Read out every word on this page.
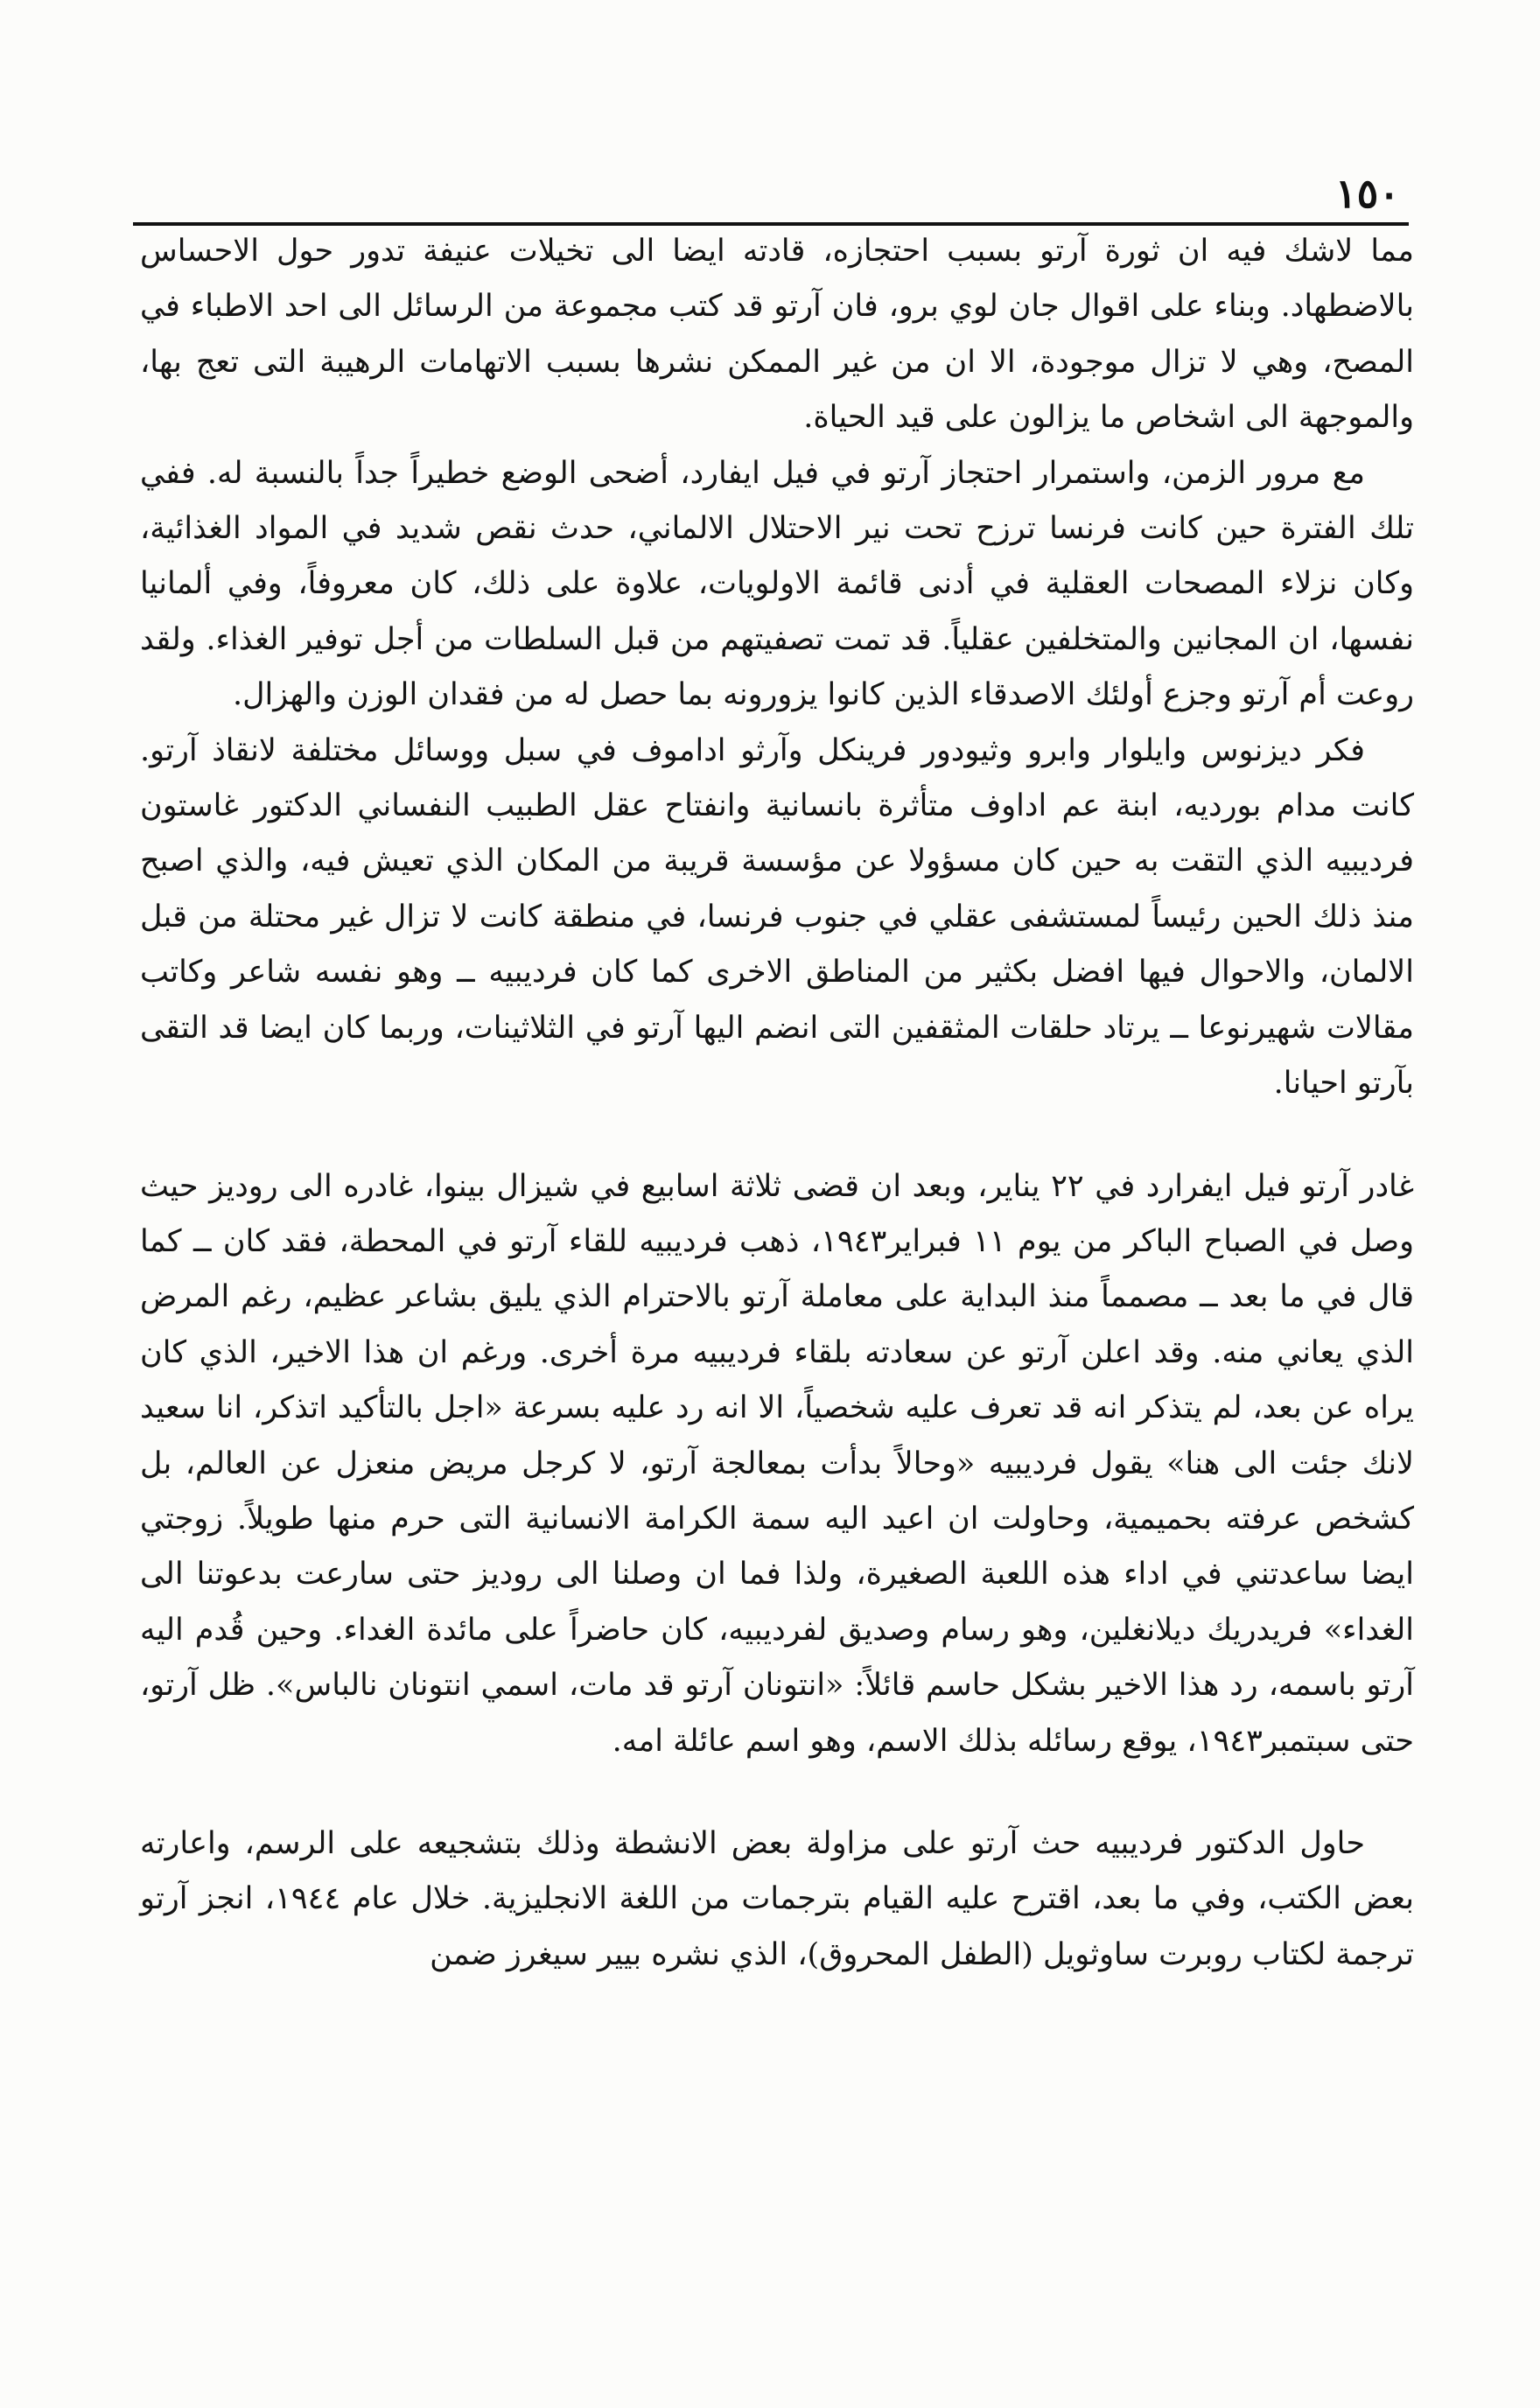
١٥٠

مما لاشك فيه ان ثورة آرتو بسبب احتجازه، قادته ايضا الى تخيلات عنيفة تدور حول الاحساس بالاضطهاد. وبناء على اقوال جان لوي برو، فان آرتو قد كتب مجموعة من الرسائل الى احد الاطباء في المصح، وهي لا تزال موجودة، الا ان من غير الممكن نشرها بسبب الاتهامات الرهيبة التى تعج بها، والموجهة الى اشخاص ما يزالون على قيد الحياة.

مع مرور الزمن، واستمرار احتجاز آرتو في فيل ايفارد، أضحى الوضع خطيراً جداً بالنسبة له. ففي تلك الفترة حين كانت فرنسا ترزح تحت نير الاحتلال الالماني، حدث نقص شديد في المواد الغذائية، وكان نزلاء المصحات العقلية في أدنى قائمة الاولويات، علاوة على ذلك، كان معروفاً، وفي ألمانيا نفسها، ان المجانين والمتخلفين عقلياً. قد تمت تصفيتهم من قبل السلطات من أجل توفير الغذاء. ولقد روعت أم آرتو وجزع أولئك الاصدقاء الذين كانوا يزورونه بما حصل له من فقدان الوزن والهزال.

فكر ديزنوس وايلوار وابرو وثيودور فرينكل وآرثو اداموف في سبل ووسائل مختلفة لانقاذ آرتو. كانت مدام بورديه، ابنة عم اداوف متأثرة بانسانية وانفتاح عقل الطبيب النفساني الدكتور غاستون فرديبيه الذي التقت به حين كان مسؤولا عن مؤسسة قريبة من المكان الذي تعيش فيه، والذي اصبح منذ ذلك الحين رئيساً لمستشفى عقلي في جنوب فرنسا، في منطقة كانت لا تزال غير محتلة من قبل الالمان، والاحوال فيها افضل بكثير من المناطق الاخرى كما كان فرديبيه ــ وهو نفسه شاعر وكاتب مقالات شهيرنوعا ــ يرتاد حلقات المثقفين التى انضم اليها آرتو في الثلاثينات، وربما كان ايضا قد التقى بآرتو احيانا.

غادر آرتو فيل ايفرارد في ٢٢ يناير، وبعد ان قضى ثلاثة اسابيع في شيزال بينوا، غادره الى روديز حيث وصل في الصباح الباكر من يوم ١١ فبراير١٩٤٣، ذهب فرديبيه للقاء آرتو في المحطة، فقد كان ــ كما قال في ما بعد ــ مصمماً منذ البداية على معاملة آرتو بالاحترام الذي يليق بشاعر عظيم، رغم المرض الذي يعاني منه. وقد اعلن آرتو عن سعادته بلقاء فرديبيه مرة أخرى. ورغم ان هذا الاخير، الذي كان يراه عن بعد، لم يتذكر انه قد تعرف عليه شخصياً، الا انه رد عليه بسرعة «اجل بالتأكيد اتذكر، انا سعيد لانك جئت الى هنا» يقول فرديبيه «وحالاً بدأت بمعالجة آرتو، لا كرجل مريض منعزل عن العالم، بل كشخص عرفته بحميمية، وحاولت ان اعيد اليه سمة الكرامة الانسانية التى حرم منها طويلاً. زوجتي ايضا ساعدتني في اداء هذه اللعبة الصغيرة، ولذا فما ان وصلنا الى روديز حتى سارعت بدعوتنا الى الغداء» فريدريك ديلانغلين، وهو رسام وصديق لفرديبيه، كان حاضراً على مائدة الغداء. وحين قُدم اليه آرتو باسمه، رد هذا الاخير بشكل حاسم قائلاً: «انتونان آرتو قد مات، اسمي انتونان نالباس». ظل آرتو، حتى سبتمبر١٩٤٣، يوقع رسائله بذلك الاسم، وهو اسم عائلة امه.

حاول الدكتور فرديبيه حث آرتو على مزاولة بعض الانشطة وذلك بتشجيعه على الرسم، واعارته بعض الكتب، وفي ما بعد، اقترح عليه القيام بترجمات من اللغة الانجليزية. خلال عام ١٩٤٤، انجز آرتو ترجمة لكتاب روبرت ساوثويل (الطفل المحروق)، الذي نشره بيير سيغرز ضمن
